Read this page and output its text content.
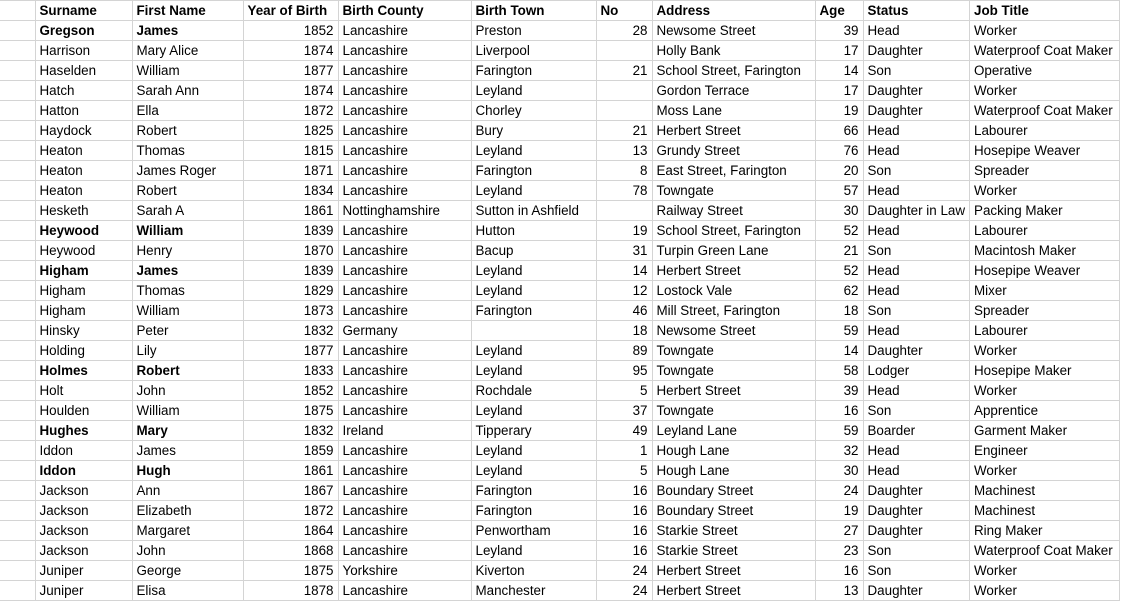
	Surname	First Name	Year of Birth	Birth County	Birth Town	No	Address	Age	Status	Job Title
	Gregson	James	1852	Lancashire	Preston	28	Newsome Street	39	Head	Worker
	Harrison	Mary Alice	1874	Lancashire	Liverpool		Holly Bank	17	Daughter	Waterproof Coat Maker
	Haselden	William	1877	Lancashire	Farington	21	School Street, Farington	14	Son	Operative
	Hatch	Sarah Ann	1874	Lancashire	Leyland		Gordon Terrace	17	Daughter	Worker
	Hatton	Ella	1872	Lancashire	Chorley		Moss Lane	19	Daughter	Waterproof Coat Maker
	Haydock	Robert	1825	Lancashire	Bury	21	Herbert Street	66	Head	Labourer
	Heaton	Thomas	1815	Lancashire	Leyland	13	Grundy Street	76	Head	Hosepipe Weaver
	Heaton	James Roger	1871	Lancashire	Farington	8	East Street, Farington	20	Son	Spreader
	Heaton	Robert	1834	Lancashire	Leyland	78	Towngate	57	Head	Worker
	Hesketh	Sarah A	1861	Nottinghamshire	Sutton in Ashfield		Railway Street	30	Daughter in Law	Packing Maker
	Heywood	William	1839	Lancashire	Hutton	19	School Street, Farington	52	Head	Labourer
	Heywood	Henry	1870	Lancashire	Bacup	31	Turpin Green Lane	21	Son	Macintosh Maker
	Higham	James	1839	Lancashire	Leyland	14	Herbert Street	52	Head	Hosepipe Weaver
	Higham	Thomas	1829	Lancashire	Leyland	12	Lostock Vale	62	Head	Mixer
	Higham	William	1873	Lancashire	Farington	46	Mill Street, Farington	18	Son	Spreader
	Hinsky	Peter	1832	Germany		18	Newsome Street	59	Head	Labourer
	Holding	Lily	1877	Lancashire	Leyland	89	Towngate	14	Daughter	Worker
	Holmes	Robert	1833	Lancashire	Leyland	95	Towngate	58	Lodger	Hosepipe Maker
	Holt	John	1852	Lancashire	Rochdale	5	Herbert Street	39	Head	Worker
	Houlden	William	1875	Lancashire	Leyland	37	Towngate	16	Son	Apprentice
	Hughes	Mary	1832	Ireland	Tipperary	49	Leyland Lane	59	Boarder	Garment Maker
	Iddon	James	1859	Lancashire	Leyland	1	Hough Lane	32	Head	Engineer
	Iddon	Hugh	1861	Lancashire	Leyland	5	Hough Lane	30	Head	Worker
	Jackson	Ann	1867	Lancashire	Farington	16	Boundary Street	24	Daughter	Machinest
	Jackson	Elizabeth	1872	Lancashire	Farington	16	Boundary Street	19	Daughter	Machinest
	Jackson	Margaret	1864	Lancashire	Penwortham	16	Starkie Street	27	Daughter	Ring Maker
	Jackson	John	1868	Lancashire	Leyland	16	Starkie Street	23	Son	Waterproof Coat Maker
	Juniper	George	1875	Yorkshire	Kiverton	24	Herbert Street	16	Son	Worker
	Juniper	Elisa	1878	Lancashire	Manchester	24	Herbert Street	13	Daughter	Worker
